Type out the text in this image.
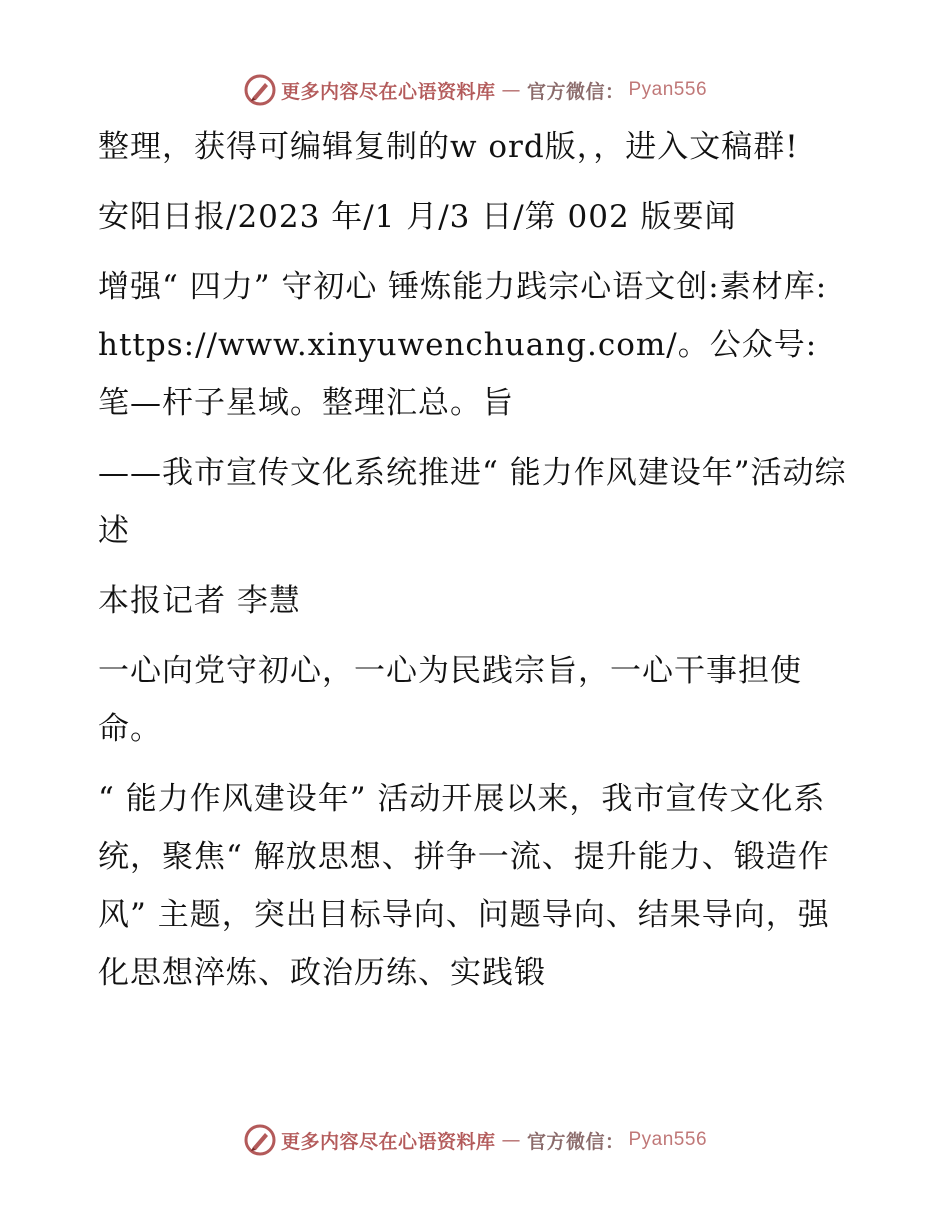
更多内容尽在心语资料库 — 官方微信： Pyan556

整理，获得可编辑复制的w ord版，，进入文稿群!

安阳日报/2023 年/1 月/3 日/第 002 版要闻

增强“ 四力” 守初心 锤炼能力践宗心语文创:素材库: https://www.xinyuwenchuang.com/。公众号: 笔—杆子星域。整理汇总。旨

——我市宣传文化系统推进“ 能力作风建设年”活动综述

本报记者 李慧

一心向党守初心，一心为民践宗旨，一心干事担使命。

“ 能力作风建设年” 活动开展以来，我市宣传文化系统，聚焦“ 解放思想、拼争一流、提升能力、锻造作风” 主题，突出目标导向、问题导向、结果导向，强化思想淬炼、政治历练、实践锻

更多内容尽在心语资料库 — 官方微信： Pyan556
